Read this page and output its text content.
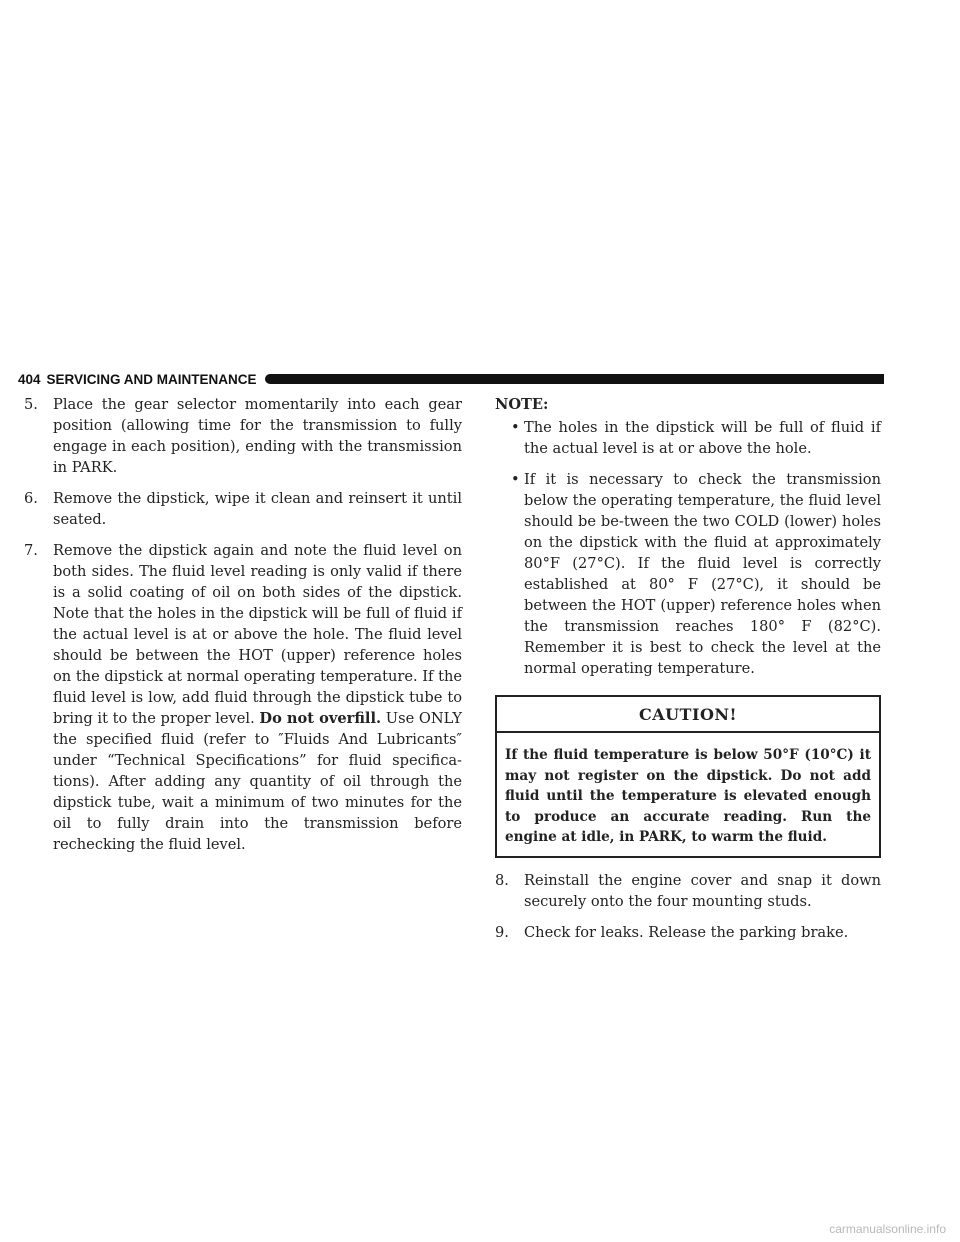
404 SERVICING AND MAINTENANCE
5. Place the gear selector momentarily into each gear position (allowing time for the transmission to fully engage in each position), ending with the transmission in PARK.
6. Remove the dipstick, wipe it clean and reinsert it until seated.
7. Remove the dipstick again and note the fluid level on both sides. The fluid level reading is only valid if there is a solid coating of oil on both sides of the dipstick. Note that the holes in the dipstick will be full of fluid if the actual level is at or above the hole. The fluid level should be between the HOT (upper) reference holes on the dipstick at normal operating temperature. If the fluid level is low, add fluid through the dipstick tube to bring it to the proper level. Do not overfill. Use ONLY the specified fluid (refer to ″Fluids And Lubricants″ under “Technical Specifications” for fluid specifica-tions). After adding any quantity of oil through the dipstick tube, wait a minimum of two minutes for the oil to fully drain into the transmission before rechecking the fluid level.
NOTE:
• The holes in the dipstick will be full of fluid if the actual level is at or above the hole.
• If it is necessary to check the transmission below the operating temperature, the fluid level should be be-tween the two COLD (lower) holes on the dipstick with the fluid at approximately 80°F (27°C). If the fluid level is correctly established at 80° F (27°C), it should be between the HOT (upper) reference holes when the transmission reaches 180° F (82°C). Remember it is best to check the level at the normal operating temperature.
CAUTION!
If the fluid temperature is below 50°F (10°C) it may not register on the dipstick. Do not add fluid until the temperature is elevated enough to produce an accurate reading. Run the engine at idle, in PARK, to warm the fluid.
8. Reinstall the engine cover and snap it down securely onto the four mounting studs.
9. Check for leaks. Release the parking brake.
carmanualsonline.info
